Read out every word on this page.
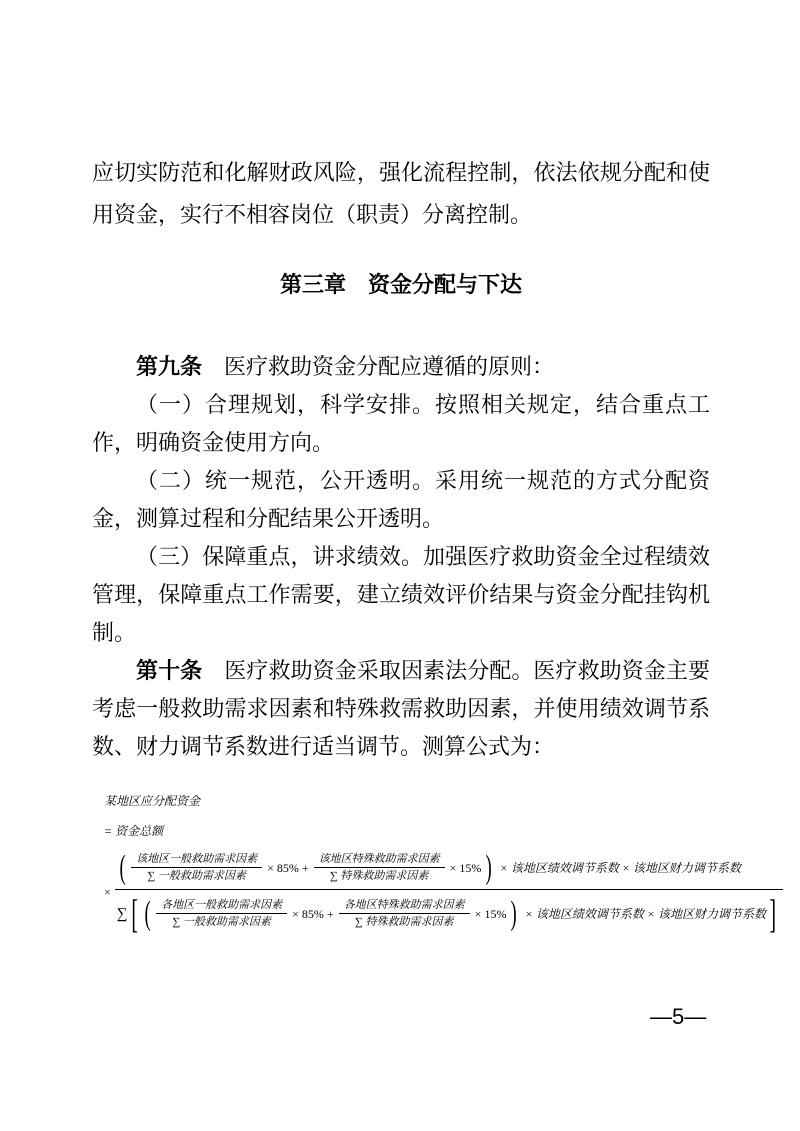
应切实防范和化解财政风险，强化流程控制，依法依规分配和使用资金，实行不相容岗位（职责）分离控制。

第三章　资金分配与下达

第九条　医疗救助资金分配应遵循的原则：

（一）合理规划，科学安排。按照相关规定，结合重点工作，明确资金使用方向。

（二）统一规范，公开透明。采用统一规范的方式分配资金，测算过程和分配结果公开透明。

（三）保障重点，讲求绩效。加强医疗救助资金全过程绩效管理，保障重点工作需要，建立绩效评价结果与资金分配挂钩机制。

第十条　医疗救助资金采取因素法分配。医疗救助资金主要考虑一般救助需求因素和特殊救需救助因素，并使用绩效调节系数、财力调节系数进行适当调节。测算公式为：

某地区应分配资金
= 资金总额
×
( $\frac{\text{该地区一般救助需求因素}}{\text{∑ 一般救助需求因素}} \times 85\% + \frac{\text{该地区特殊救助需求因素}}{\text{∑ 特殊救助需求因素}} \times 15\%$ ) × 该地区绩效调节系数 × 该地区财力调节系数
∑ [ ( $\frac{\text{各地区一般救助需求因素}}{\text{∑ 一般救助需求因素}} \times 85\% + \frac{\text{各地区特殊救助需求因素}}{\text{∑ 特殊救助需求因素}} \times 15\%$ ) × 该地区绩效调节系数 × 该地区财力调节系数 ]
—5—
